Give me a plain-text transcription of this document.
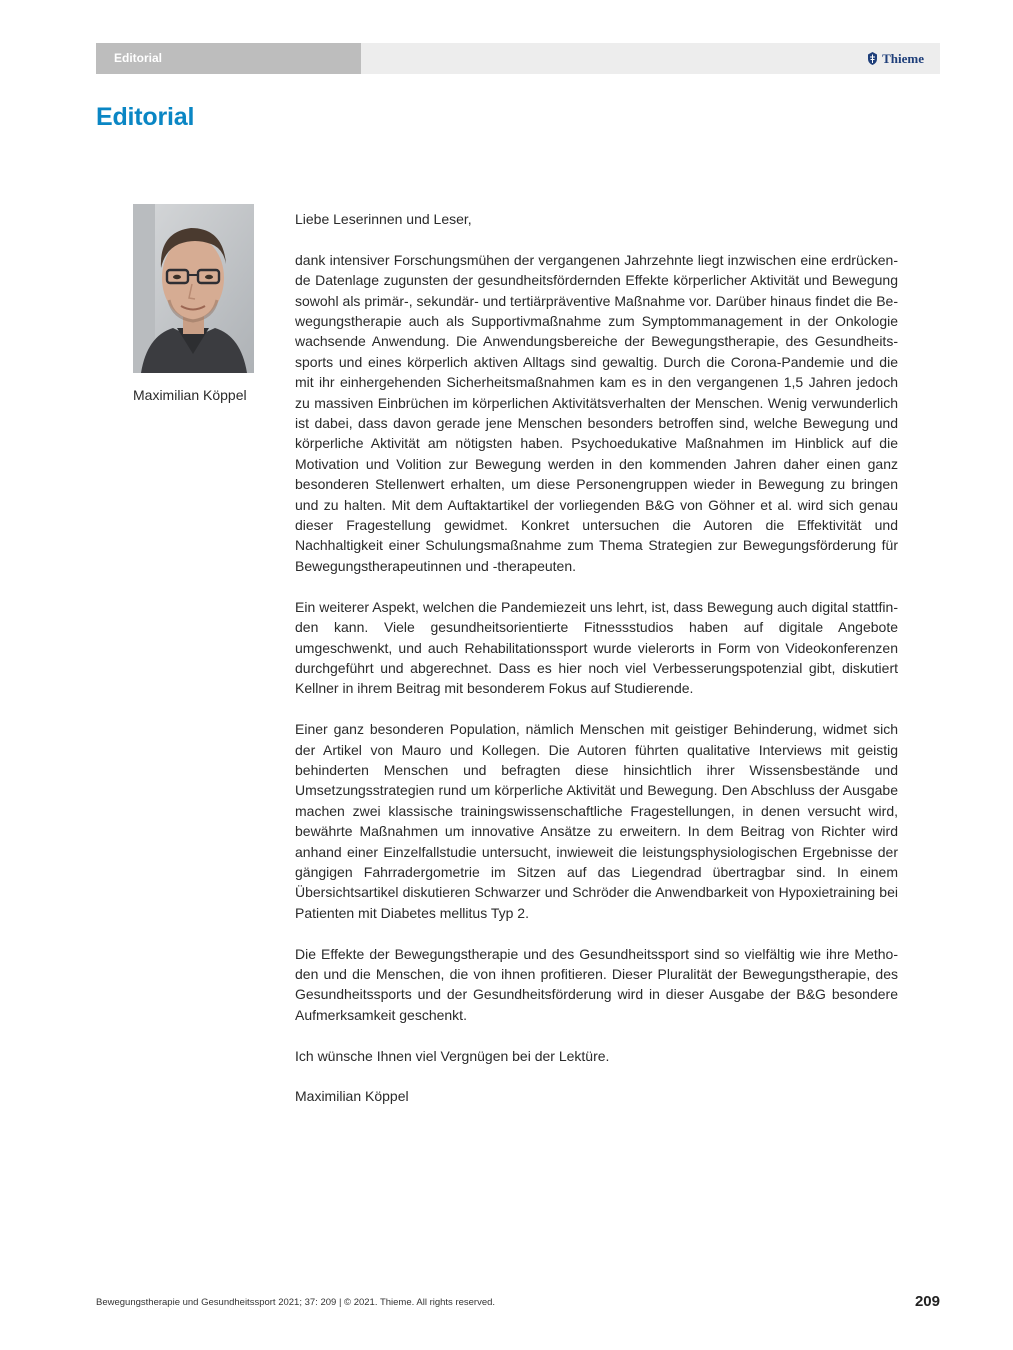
Editorial	Thieme
Editorial
Maximilian Köppel

Liebe Leserinnen und Leser,

dank intensiver Forschungsmühen der vergangenen Jahrzehnte liegt inzwischen eine erdrückende Datenlage zugunsten der gesundheitsfördernden Effekte körperlicher Aktivität und Bewegung sowohl als primär-, sekundär- und tertiärpräventive Maßnahme vor. Darüber hinaus findet die Bewegungstherapie auch als Supportivmaßnahme zum Symptommanagement in der Onkologie wachsende Anwendung. Die Anwendungsbereiche der Bewegungstherapie, des Gesundheitssports und eines körperlich aktiven Alltags sind gewaltig. Durch die Corona-Pandemie und die mit ihr einhergehenden Sicherheitsmaßnahmen kam es in den vergangenen 1,5 Jahren jedoch zu massiven Einbrüchen im körperlichen Aktivitätsverhalten der Menschen. Wenig verwunderlich ist dabei, dass davon gerade jene Menschen besonders betroffen sind, welche Bewegung und körperliche Aktivität am nötigsten haben. Psychoedukative Maßnahmen im Hinblick auf die Motivation und Volition zur Bewegung werden in den kommenden Jahren daher einen ganz besonderen Stellenwert erhalten, um diese Personengruppen wieder in Bewegung zu bringen und zu halten. Mit dem Auftaktartikel der vorliegenden B&G von Göhner et al. wird sich genau dieser Fragestellung gewidmet. Konkret untersuchen die Autoren die Effektivität und Nachhaltigkeit einer Schulungsmaßnahme zum Thema Strategien zur Bewegungsförderung für Bewegungstherapeutinnen und -therapeuten.

Ein weiterer Aspekt, welchen die Pandemiezeit uns lehrt, ist, dass Bewegung auch digital stattfinden kann. Viele gesundheitsorientierte Fitnessstudios haben auf digitale Angebote umgeschwenkt, und auch Rehabilitationssport wurde vielerorts in Form von Videokonferenzen durchgeführt und abgerechnet. Dass es hier noch viel Verbesserungspotenzial gibt, diskutiert Kellner in ihrem Beitrag mit besonderem Fokus auf Studierende.

Einer ganz besonderen Population, nämlich Menschen mit geistiger Behinderung, widmet sich der Artikel von Mauro und Kollegen. Die Autoren führten qualitative Interviews mit geistig behinderten Menschen und befragten diese hinsichtlich ihrer Wissensbestände und Umsetzungsstrategien rund um körperliche Aktivität und Bewegung. Den Abschluss der Ausgabe machen zwei klassische trainingswissenschaftliche Fragestellungen, in denen versucht wird, bewährte Maßnahmen um innovative Ansätze zu erweitern. In dem Beitrag von Richter wird anhand einer Einzelfallstudie untersucht, inwieweit die leistungsphysiologischen Ergebnisse der gängigen Fahrradergometrie im Sitzen auf das Liegendrad übertragbar sind. In einem Übersichtsartikel diskutieren Schwarzer und Schröder die Anwendbarkeit von Hypoxietraining bei Patienten mit Diabetes mellitus Typ 2.

Die Effekte der Bewegungstherapie und des Gesundheitssport sind so vielfältig wie ihre Methoden und die Menschen, die von ihnen profitieren. Dieser Pluralität der Bewegungstherapie, des Gesundheitssports und der Gesundheitsförderung wird in dieser Ausgabe der B&G besondere Aufmerksamkeit geschenkt.

Ich wünsche Ihnen viel Vergnügen bei der Lektüre.

Maximilian Köppel

Bewegungstherapie und Gesundheitssport 2021; 37: 209 | © 2021. Thieme. All rights reserved.	209
